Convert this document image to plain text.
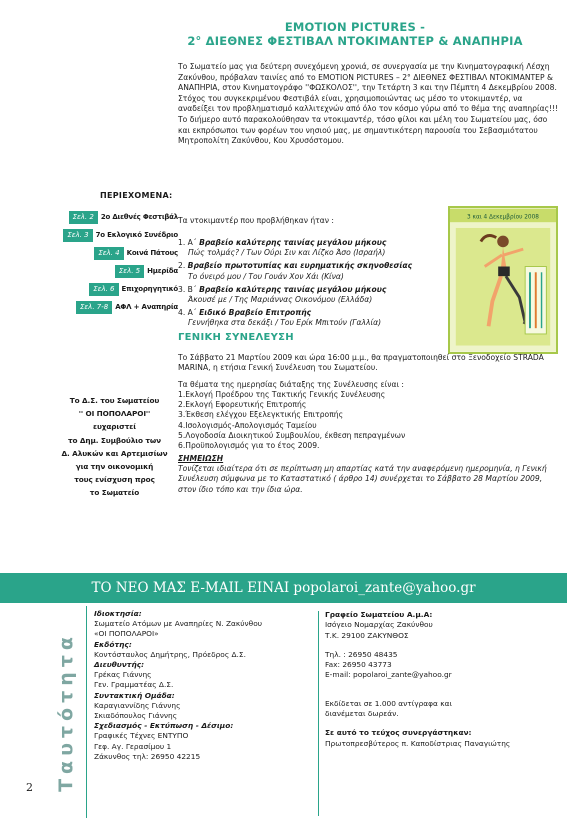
EMOTION PICTURES -
2° ΔΙΕΘΝΕΣ ΦΕΣΤΙΒΑΛ ΝΤΟΚΙΜΑΝΤΕΡ & ΑΝΑΠΗΡΙΑ

Το Σωματείο μας για δεύτερη συνεχόμενη χρονιά, σε συνεργασία με την Κινηματογραφική Λέσχη Ζακύνθου, πρόβαλαν ταινίες από το EMOTION PICTURES – 2° ΔΙΕΘΝΕΣ ΦΕΣΤΙΒΑΛ ΝΤΟΚΙΜΑΝΤΕΡ & ΑΝΑΠΗΡΙΑ, στον Κινηματογράφο ''ΦΩΣΚΟΛΟΣ'', την Τετάρτη 3 και την Πέμπτη 4 Δεκεμβρίου 2008. Στόχος του συγκεκριμένου Φεστιβάλ είναι, χρησιμοποιώντας ως μέσο το ντοκιμαντέρ, να αναδείξει τον προβληματισμό καλλιτεχνών από όλο τον κόσμο γύρω από το θέμα της αναπηρίας!!!

Το διήμερο αυτό παρακολούθησαν τα ντοκιμαντέρ, τόσο φίλοι και μέλη του Σωματείου μας, όσο και εκπρόσωποι των φορέων του νησιού μας, με σημαντικότερη παρουσία του Σεβασμιότατου Μητροπολίτη Ζακύνθου, Κου Χρυσόστομου.

ΠΕΡΙΕΧΟΜΕΝΑ:
Σελ. 2	2ο Διεθνές Φεστιβάλ
Σελ. 3	7ο Εκλογικό Συνέδριο
Σελ. 4	Κοινά Πάτους
Σελ. 5	Ημερίδα
Σελ. 6	Επιχορηγητικό
Σελ. 7-8	ΑΦΛ + Αναπηρία
Τα ντοκιμαντέρ που προβλήθηκαν ήταν :
1. Α΄ Βραβείο καλύτερης ταινίας μεγάλου μήκους
Πώς τολμάς? / Των Ούρι Σιν και Λίζκο Άσο (Ισραήλ)
2. Βραβείο πρωτοτυπίας και ευρηματικής σκηνοθεσίας
Το όνειρό μου / Του Γουάν Χον Χάι (Κίνα)
3. Β΄ Βραβείο καλύτερης ταινίας μεγάλου μήκους
Άκουσέ με / Της Μαριάννας Οικονόμου (Ελλάδα)
4. Α΄ Ειδικό Βραβείο Επιτροπής
Γεννήθηκα στα δεκάξι / Του Ερίκ Μπιτούν (Γαλλία)
3 και 4 Δεκεμβρίου 2008
ΓΕΝΙΚΗ ΣΥΝΕΛΕΥΣΗ

Το Σάββατο 21 Μαρτίου 2009 και ώρα 16:00 μ.μ., θα πραγματοποιηθεί στο Ξενοδοχείο STRADA MARINA, η ετήσια Γενική Συνέλευση του Σωματείου.

Τα θέματα της ημερησίας διάταξης της Συνέλευσης είναι :
1.Εκλογή Προέδρου της Τακτικής Γενικής Συνέλευσης
2.Εκλογή Εφορευτικής Επιτροπής
3.Έκθεση ελέγχου Εξελεγκτικής Επιτροπής
4.Ισολογισμός-Απολογισμός Ταμείου
5.Λογοδοσία Διοικητικού Συμβουλίου, έκθεση πεπραγμένων
6.Προϋπολογισμός για το έτος 2009.
ΣΗΜΕΙΩΣΗ
Τονίζεται ιδιαίτερα ότι σε περίπτωση μη απαρτίας κατά την αναφερόμενη ημερομηνία, η Γενική Συνέλευση σύμφωνα με το Καταστατικό ( άρθρο 14) συνέρχεται το Σάββατο 28 Μαρτίου 2009, στον ίδιο τόπο και την ίδια ώρα.
Το Δ.Σ. του Σωματείου
'' ΟΙ ΠΟΠΟΛΑΡΟΙ''
ευχαριστεί
το Δημ. Συμβούλιο των
Δ. Αλυκών και Αρτεμισίων
για την οικονομική
τους ενίσχυση προς
το Σωματείο
ΤΟ ΝΕΟ ΜΑΣ E-MAIL ΕΙΝΑΙ popolaroi_zante@yahoo.gr
Ταυτότητα
2
Ιδιοκτησία:
Σωματείο Ατόμων με Αναπηρίες Ν. Ζακύνθου
«ΟΙ ΠΟΠΟΛΑΡΟΙ»
Εκδότης:
Κοντόσταυλος Δημήτρης, Πρόεδρος Δ.Σ.
Διευθυντής:
Γρέκας Γιάννης
Γεν. Γραμματέας Δ.Σ.
Συντακτική Ομάδα:
Καραγιαννίδης Γιάννης
Σκιαδόπουλος Γιάννης
Σχεδιασμός - Εκτύπωση - Δέσιμο:
Γραφικές Τέχνες ΕΝΤΥΠΟ
Γεφ. Αγ. Γερασίμου 1
Ζάκυνθος τηλ: 26950 42215
Γραφείο Σωματείου Α.μ.Α:
Ισόγειο Νομαρχίας Ζακύνθου
Τ.Κ. 29100 ΖΑΚΥΝΘΟΣ
Τηλ. : 26950 48435
Fax: 26950 43773
E-mail: popolaroi_zante@yahoo.gr
Εκδίδεται σε 1.000 αντίγραφα και
διανέμεται δωρεάν.
Σε αυτό το τεύχος συνεργάστηκαν:
Πρωτοπρεσβύτερος π. Καποδίστριας Παναγιώτης
